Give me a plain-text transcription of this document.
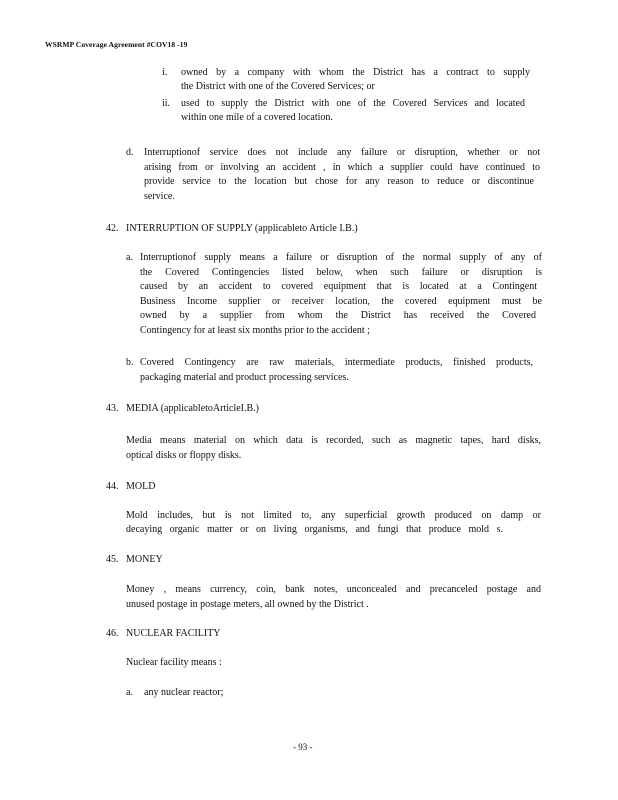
WSRMP Coverage Agreement #COV18 -19
i. owned by a company with whom the District has a contract to supply
the District with one of the Covered Services; or
ii. used to supply the District with one of the Covered Services and located
within one mile of a covered location.
d. Interruptionof service does not include any failure or disruption, whether or not
arising from or involving an accident , in which a supplier could have continued to
provide service to the location but chose for any reason to reduce or discontinue
service.
42. INTERRUPTION OF SUPPLY (applicableto Article I.B.)
a. Interruptionof supply means a failure or disruption of the normal supply of any of
the Covered Contingencies listed below, when such failure or disruption is
caused by an accident to covered equipment that is located at a Contingent
Business Income supplier or receiver location, the covered equipment must be
owned by a supplier from whom the District has received the Covered
Contingency for at least six months prior to the accident ;
b. Covered Contingency are raw materials, intermediate products, finished products,
packaging material and product processing services.
43. MEDIA (applicabletoArticleI.B.)
Media means material on which data is recorded, such as magnetic tapes, hard disks,
optical disks or floppy disks.
44. MOLD
Mold includes, but is not limited to, any superficial growth produced on damp or
decaying organic matter or on living organisms, and fungi that produce mold s.
45. MONEY
Money , means currency, coin, bank notes, unconcealed and precanceled postage and
unused postage in postage meters, all owned by the District .
46. NUCLEAR FACILITY
Nuclear facility means :
a. any nuclear reactor;
- 93 -
